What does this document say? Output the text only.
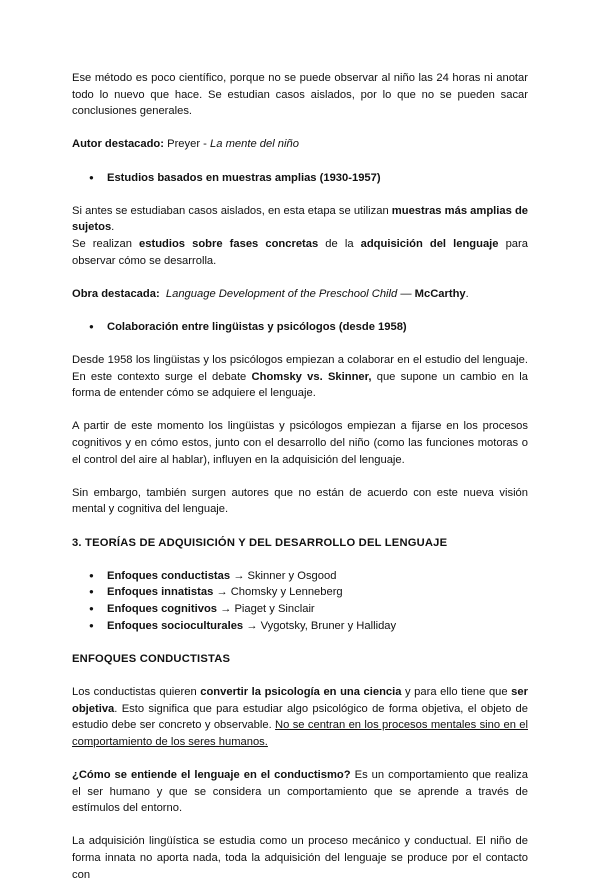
Ese método es poco científico, porque no se puede observar al niño las 24 horas ni anotar todo lo nuevo que hace. Se estudian casos aislados, por lo que no se pueden sacar conclusiones generales.

Autor destacado: Preyer - La mente del niño

● Estudios basados en muestras amplias (1930-1957)

Si antes se estudiaban casos aislados, en esta etapa se utilizan muestras más amplias de sujetos.
Se realizan estudios sobre fases concretas de la adquisición del lenguaje para observar cómo se desarrolla.

Obra destacada: Language Development of the Preschool Child — McCarthy.

● Colaboración entre lingüistas y psicólogos (desde 1958)

Desde 1958 los lingüistas y los psicólogos empiezan a colaborar en el estudio del lenguaje. En este contexto surge el debate Chomsky vs. Skinner, que supone un cambio en la forma de entender cómo se adquiere el lenguaje.

A partir de este momento los lingüistas y psicólogos empiezan a fijarse en los procesos cognitivos y en cómo estos, junto con el desarrollo del niño (como las funciones motoras o el control del aire al hablar), influyen en la adquisición del lenguaje.

Sin embargo, también surgen autores que no están de acuerdo con este nueva visión mental y cognitiva del lenguaje.

3. TEORÍAS DE ADQUISICIÓN Y DEL DESARROLLO DEL LENGUAJE
● Enfoques conductistas → Skinner y Osgood
● Enfoques innatistas → Chomsky y Lenneberg
● Enfoques cognitivos → Piaget y Sinclair
● Enfoques socioculturales → Vygotsky, Bruner y Halliday
ENFOQUES CONDUCTISTAS

Los conductistas quieren convertir la psicología en una ciencia y para ello tiene que ser objetiva. Esto significa que para estudiar algo psicológico de forma objetiva, el objeto de estudio debe ser concreto y observable. No se centran en los procesos mentales sino en el comportamiento de los seres humanos.

¿Cómo se entiende el lenguaje en el conductismo? Es un comportamiento que realiza el ser humano y que se considera un comportamiento que se aprende a través de estímulos del entorno.

La adquisición lingüística se estudia como un proceso mecánico y conductual. El niño de forma innata no aporta nada, toda la adquisición del lenguaje se produce por el contacto con
